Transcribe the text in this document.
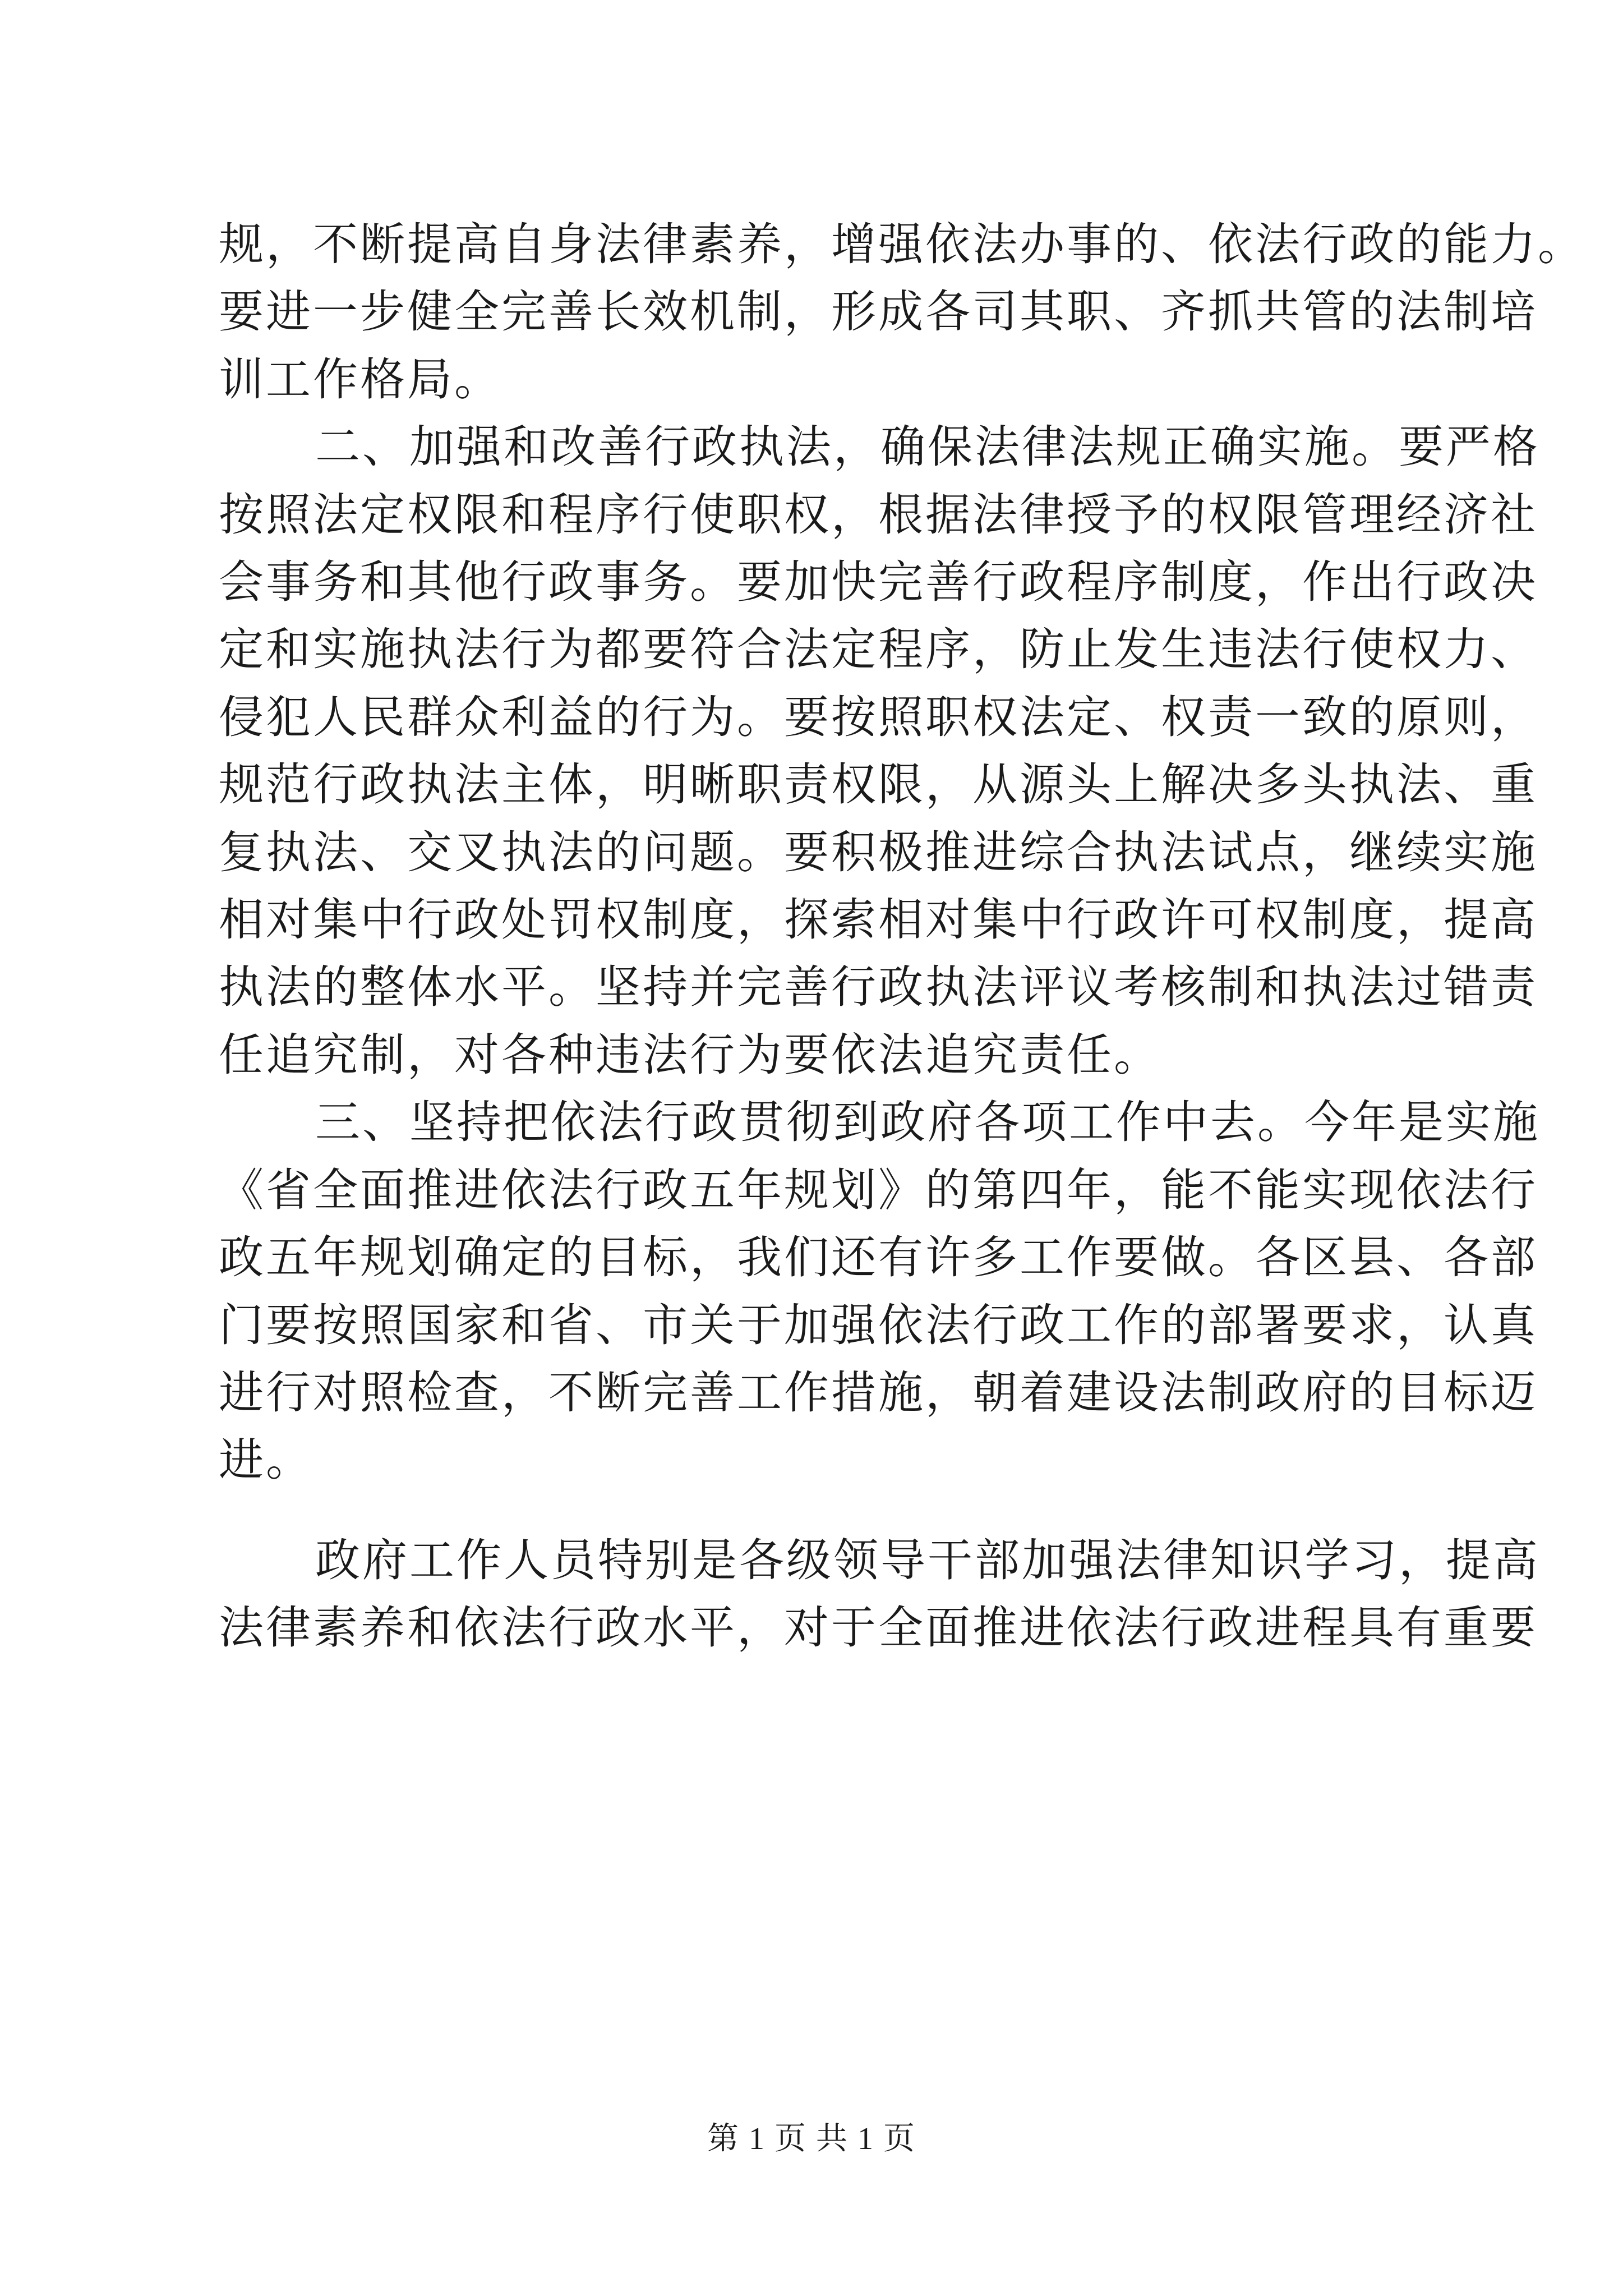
规，不断提高自身法律素养，增强依法办事的、依法行政的能力。
要进一步健全完善长效机制，形成各司其职、齐抓共管的法制培
训工作格局。

二、加强和改善行政执法，确保法律法规正确实施。要严格
按照法定权限和程序行使职权，根据法律授予的权限管理经济社
会事务和其他行政事务。要加快完善行政程序制度，作出行政决
定和实施执法行为都要符合法定程序，防止发生违法行使权力、
侵犯人民群众利益的行为。要按照职权法定、权责一致的原则，
规范行政执法主体，明晰职责权限，从源头上解决多头执法、重
复执法、交叉执法的问题。要积极推进综合执法试点，继续实施
相对集中行政处罚权制度，探索相对集中行政许可权制度，提高
执法的整体水平。坚持并完善行政执法评议考核制和执法过错责
任追究制，对各种违法行为要依法追究责任。

三、坚持把依法行政贯彻到政府各项工作中去。今年是实施
《省全面推进依法行政五年规划》的第四年，能不能实现依法行
政五年规划确定的目标，我们还有许多工作要做。各区县、各部
门要按照国家和省、市关于加强依法行政工作的部署要求，认真
进行对照检查，不断完善工作措施，朝着建设法制政府的目标迈
进。

政府工作人员特别是各级领导干部加强法律知识学习，提高
法律素养和依法行政水平，对于全面推进依法行政进程具有重要

第 1 页 共 1 页
